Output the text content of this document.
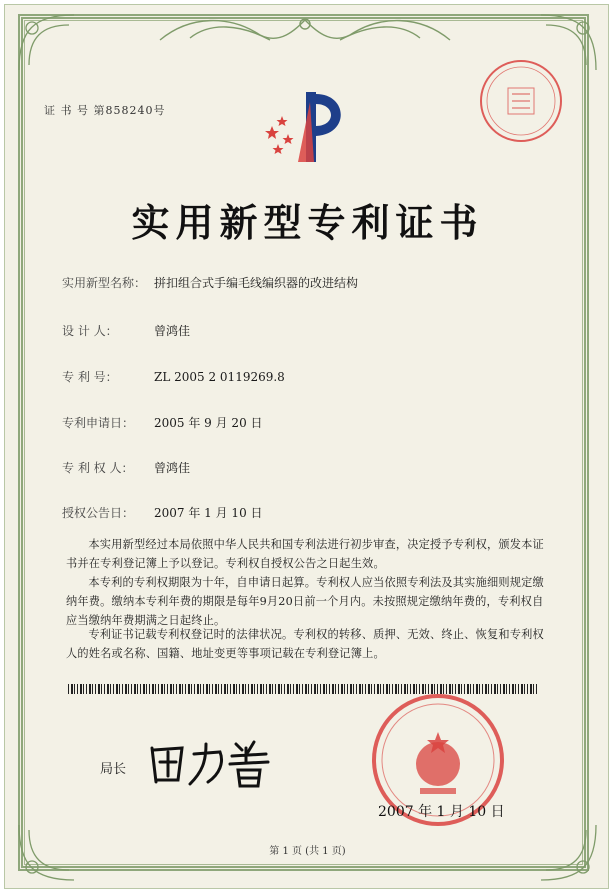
证 书 号 第858240号
实用新型专利证书
实用新型名称： 拼扣组合式手编毛线编织器的改进结构
设 计 人：	曾鸿佳
专 利 号：	ZL 2005 2 0119269.8
专利申请日： 2005 年 9 月 20 日
专 利 权 人： 曾鸿佳
授权公告日： 2007 年 1 月 10 日
本实用新型经过本局依照中华人民共和国专利法进行初步审查，决定授予专利权，颁发本证书并在专利登记簿上予以登记。专利权自授权公告之日起生效。
本专利的专利权期限为十年，自申请日起算。专利权人应当依照专利法及其实施细则规定缴纳年费。缴纳本专利年费的期限是每年9月20日前一个月内。未按照规定缴纳年费的，专利权自应当缴纳年费期满之日起终止。
专利证书记载专利权登记时的法律状况。专利权的转移、质押、无效、终止、恢复和专利权人的姓名或名称、国籍、地址变更等事项记载在专利登记簿上。
局长
2007 年 1 月 10 日
第 1 页 (共 1 页)
